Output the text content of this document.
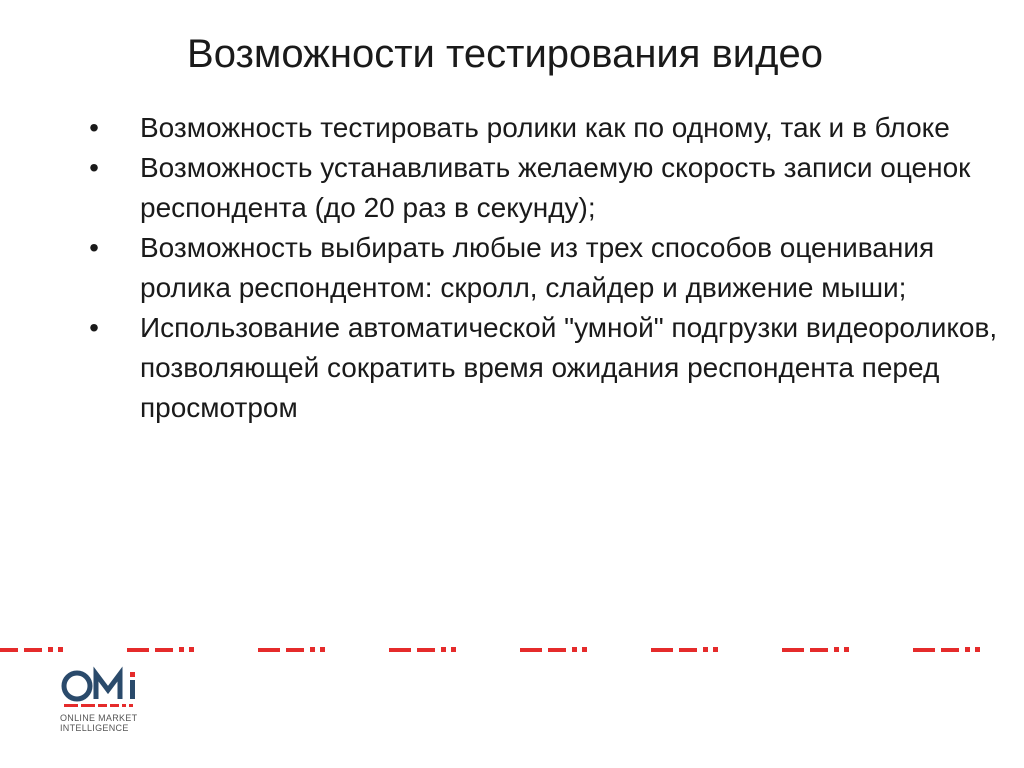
Возможности тестирования видео
• Возможность тестировать ролики как по одному, так и в блоке
• Возможность устанавливать желаемую скорость записи оценок респондента (до 20 раз в секунду);
• Возможность выбирать любые из трех способов оценивания ролика респондентом: скролл, слайдер и движение мыши;
• Использование автоматической "умной" подгрузки видеороликов, позволяющей сократить время ожидания респондента перед просмотром
ONLINE MARKET
INTELLIGENCE
